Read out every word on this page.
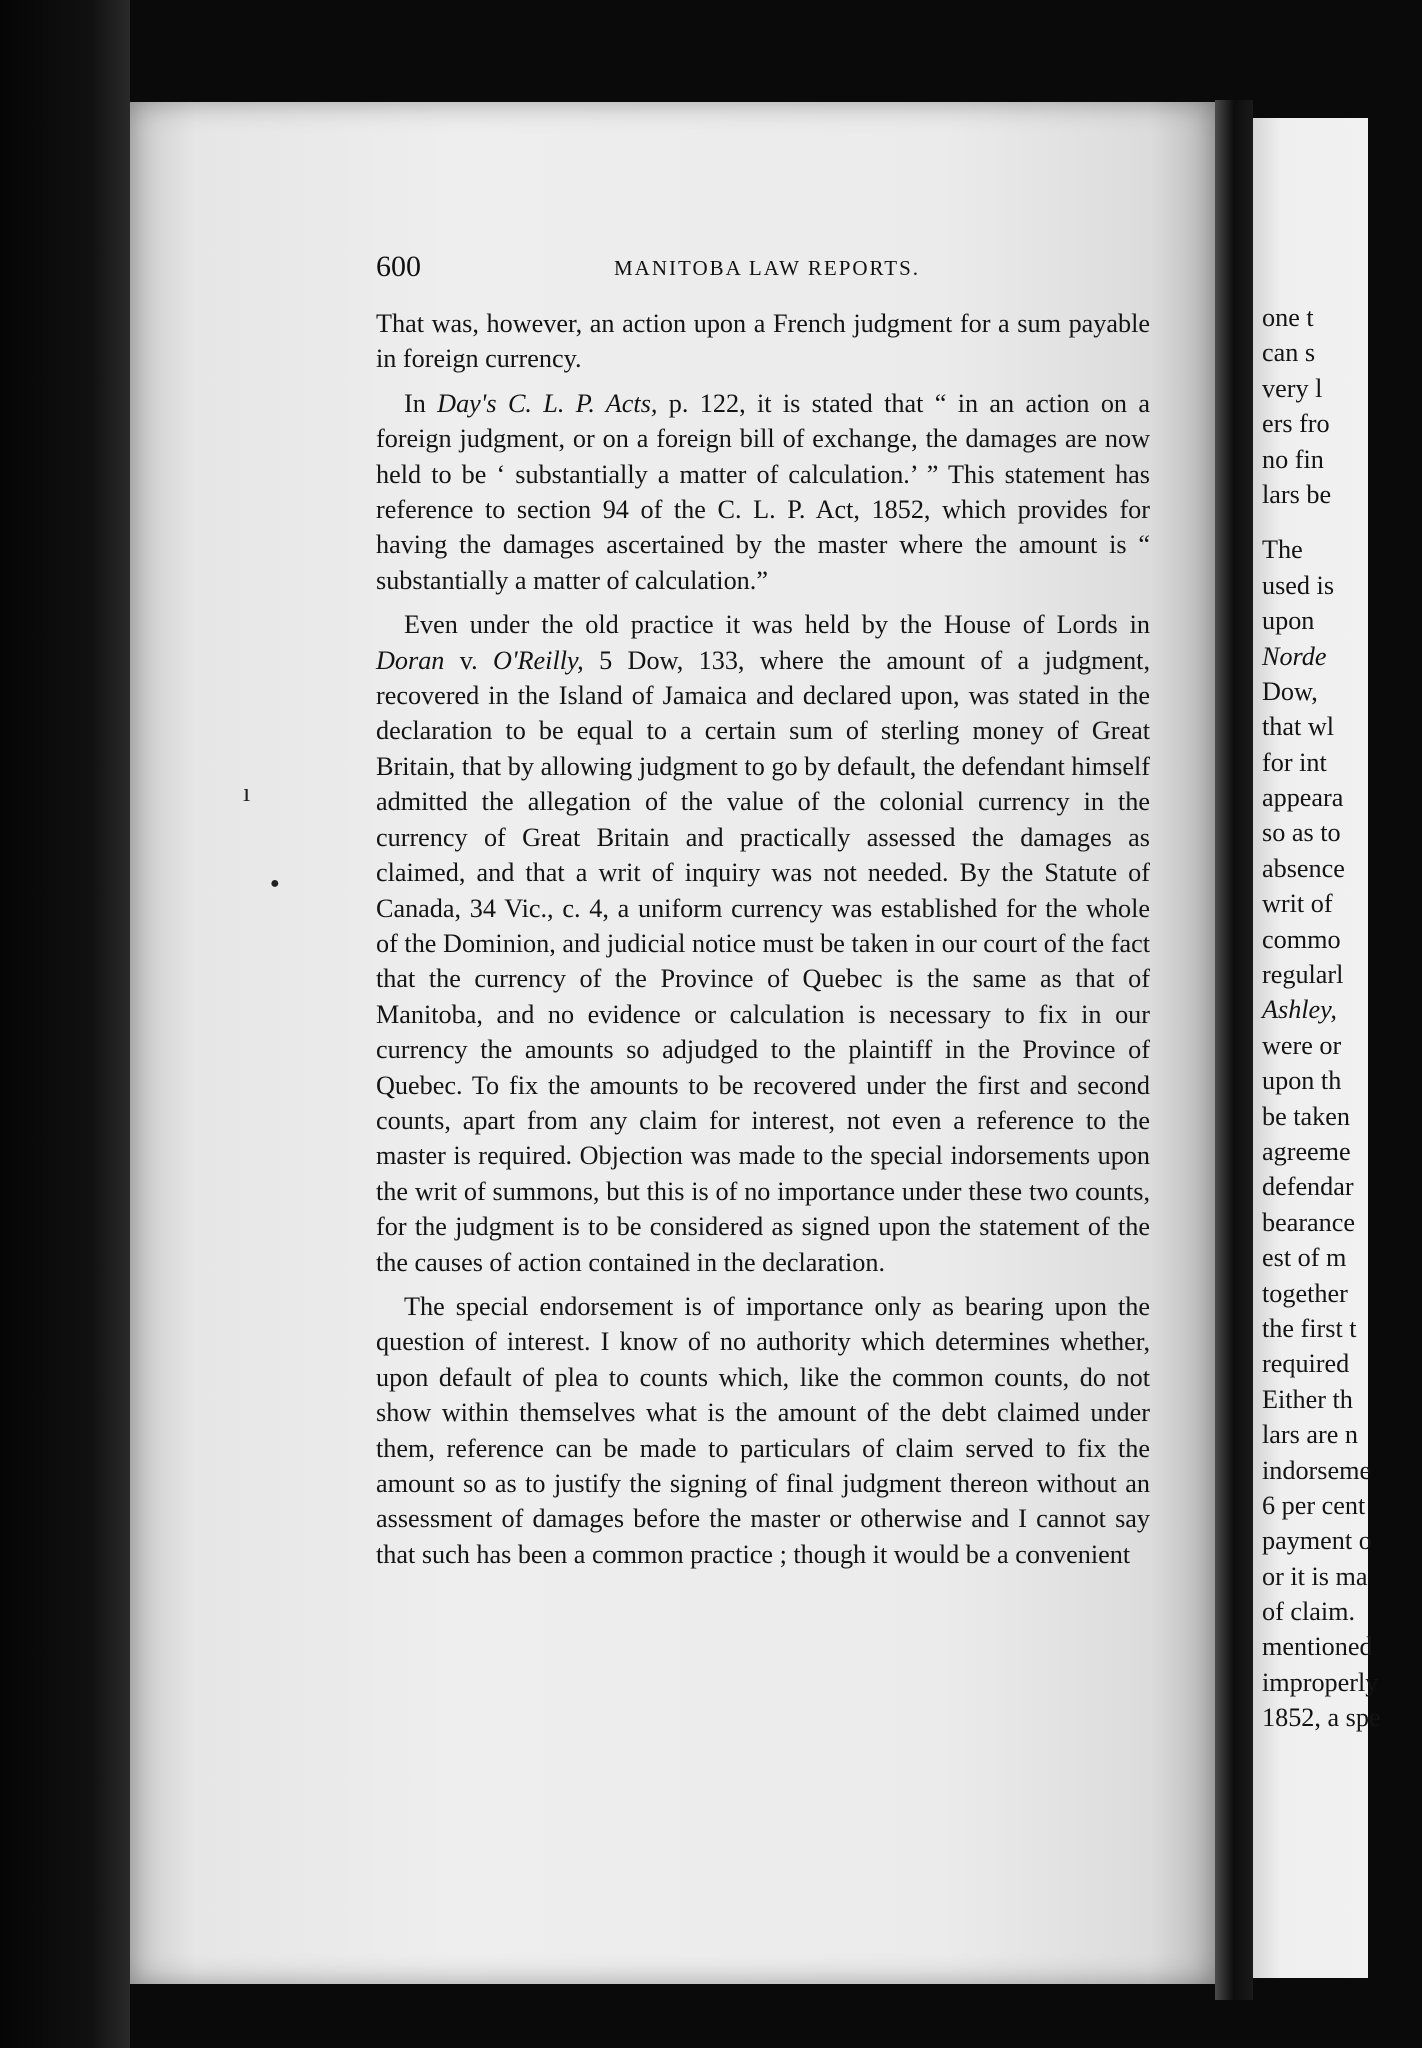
600	MANITOBA LAW REPORTS.

That was, however, an action upon a French judgment for a sum payable in foreign currency.

In Day's C. L. P. Acts, p. 122, it is stated that “ in an action on a foreign judgment, or on a foreign bill of exchange, the damages are now held to be ‘ substantially a matter of calculation.’ ” This statement has reference to section 94 of the C. L. P. Act, 1852, which provides for having the damages ascertained by the master where the amount is “ substantially a matter of calculation.”

Even under the old practice it was held by the House of Lords in Doran v. O'Reilly, 5 Dow, 133, where the amount of a judgment, recovered in the Island of Jamaica and declared upon, was stated in the declaration to be equal to a certain sum of sterling money of Great Britain, that by allowing judgment to go by default, the defendant himself admitted the allegation of the value of the colonial currency in the currency of Great Britain and practically assessed the damages as claimed, and that a writ of inquiry was not needed. By the Statute of Canada, 34 Vic., c. 4, a uniform currency was established for the whole of the Dominion, and judicial notice must be taken in our court of the fact that the currency of the Province of Quebec is the same as that of Manitoba, and no evidence or calculation is necessary to fix in our currency the amounts so adjudged to the plaintiff in the Province of Quebec. To fix the amounts to be recovered under the first and second counts, apart from any claim for interest, not even a reference to the master is required. Objection was made to the special indorsements upon the writ of summons, but this is of no importance under these two counts, for the judgment is to be considered as signed upon the statement of the the causes of action contained in the declaration.

The special endorsement is of importance only as bearing upon the question of interest. I know of no authority which determines whether, upon default of plea to counts which, like the common counts, do not show within themselves what is the amount of the debt claimed under them, reference can be made to particulars of claim served to fix the amount so as to justify the signing of final judgment thereon without an assessment of damages before the master or otherwise and I cannot say that such has been a common practice ; though it would be a convenient

ı
●
one t
can s
very l
ers fro
no fin
lars be
The
used is
upon
Norde
Dow,
that wl
for int
appeara
so as to
absence
writ of
commo
regularl
Ashley,
were or
upon th
be taken
agreeme
defendar
bearance
est of m
together
the first t
required
Either th
lars are n
indorseme
6 per cent
payment o
or it is ma
of claim.
mentioned
improperly
1852, a spe
